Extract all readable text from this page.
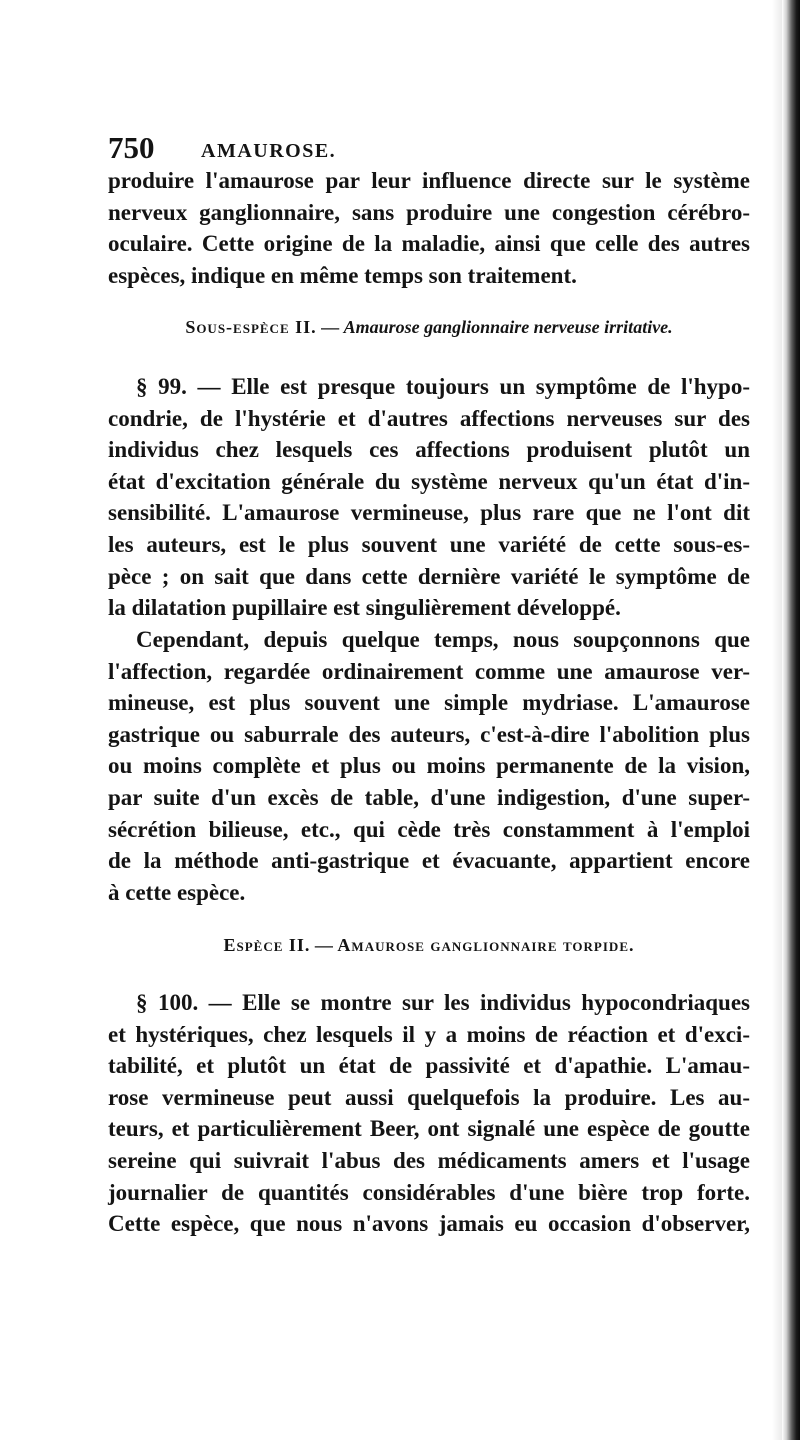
750 AMAUROSE.
produire l'amaurose par leur influence directe sur le système
nerveux ganglionnaire, sans produire une congestion cérébro-
oculaire. Cette origine de la maladie, ainsi que celle des autres
espèces, indique en même temps son traitement.
Sous-espèce II. — Amaurose ganglionnaire nerveuse irritative.
§ 99. — Elle est presque toujours un symptôme de l'hypo-
condrie, de l'hystérie et d'autres affections nerveuses sur des
individus chez lesquels ces affections produisent plutôt un
état d'excitation générale du système nerveux qu'un état d'in-
sensibilité. L'amaurose vermineuse, plus rare que ne l'ont dit
les auteurs, est le plus souvent une variété de cette sous-es-
pèce ; on sait que dans cette dernière variété le symptôme de
la dilatation pupillaire est singulièrement développé.
Cependant, depuis quelque temps, nous soupçonnons que
l'affection, regardée ordinairement comme une amaurose ver-
mineuse, est plus souvent une simple mydriase. L'amaurose
gastrique ou saburrale des auteurs, c'est-à-dire l'abolition plus
ou moins complète et plus ou moins permanente de la vision,
par suite d'un excès de table, d'une indigestion, d'une super-
sécrétion bilieuse, etc., qui cède très constamment à l'emploi
de la méthode anti-gastrique et évacuante, appartient encore
à cette espèce.
Espèce II. — Amaurose ganglionnaire torpide.
§ 100. — Elle se montre sur les individus hypocondriaques
et hystériques, chez lesquels il y a moins de réaction et d'exci-
tabilité, et plutôt un état de passivité et d'apathie. L'amau-
rose vermineuse peut aussi quelquefois la produire. Les au-
teurs, et particulièrement Beer, ont signalé une espèce de goutte
sereine qui suivrait l'abus des médicaments amers et l'usage
journalier de quantités considérables d'une bière trop forte.
Cette espèce, que nous n'avons jamais eu occasion d'observer,
